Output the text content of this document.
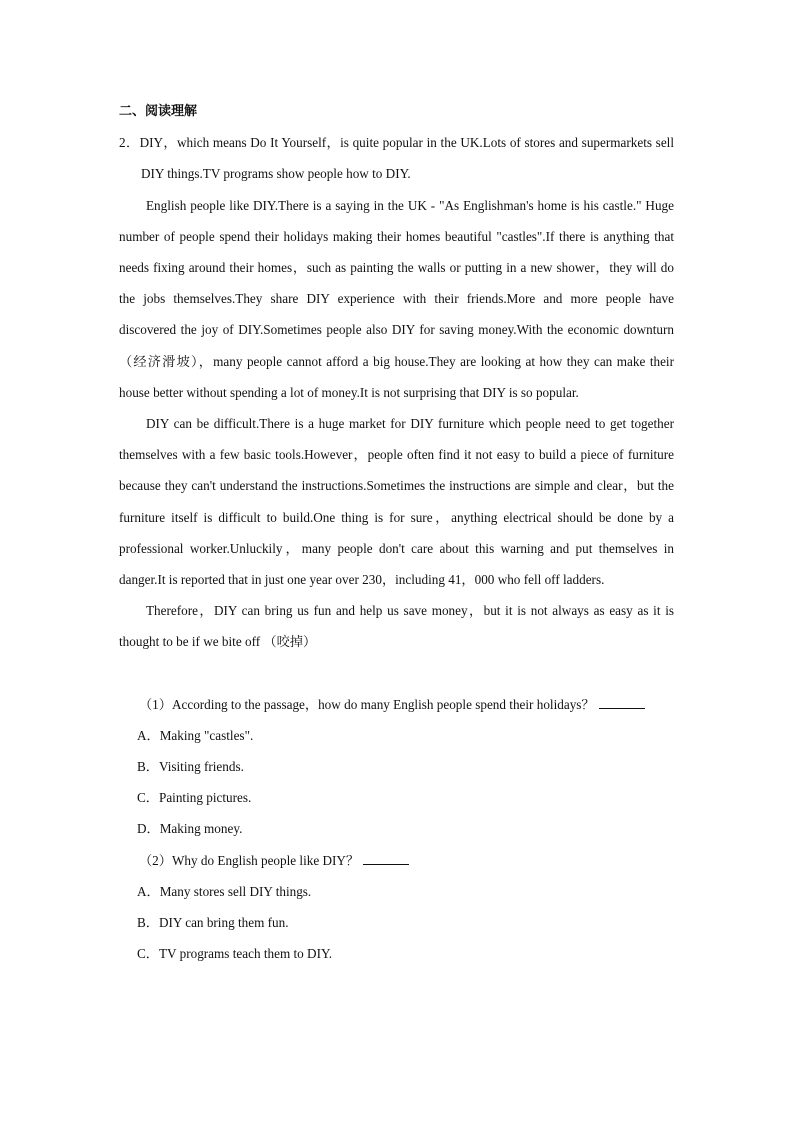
二、阅读理解

2．DIY，which means Do It Yourself，is quite popular in the UK.Lots of stores and supermarkets sell DIY things.TV programs show people how to DIY.

English people like DIY.There is a saying in the UK - "As Englishman's home is his castle." Huge number of people spend their holidays making their homes beautiful "castles".If there is anything that needs fixing around their homes，such as painting the walls or putting in a new shower，they will do the jobs themselves.They share DIY experience with their friends.More and more people have discovered the joy of DIY.Sometimes people also DIY for saving money.With the economic downturn （经济滑坡），many people cannot afford a big house.They are looking at how they can make their house better without spending a lot of money.It is not surprising that DIY is so popular.

DIY can be difficult.There is a huge market for DIY furniture which people need to get together themselves with a few basic tools.However，people often find it not easy to build a piece of furniture because they can't understand the instructions.Sometimes the instructions are simple and clear，but the furniture itself is difficult to build.One thing is for sure，anything electrical should be done by a professional worker.Unluckily，many people don't care about this warning and put themselves in danger.It is reported that in just one year over 230，including 41，000 who fell off ladders.

Therefore，DIY can bring us fun and help us save money，but it is not always as easy as it is thought to be if we bite off （咬掉）

（1）According to the passage，how do many English people spend their holidays？

A．Making "castles".

B．Visiting friends.

C．Painting pictures.

D．Making money.

（2）Why do English people like DIY？

A．Many stores sell DIY things.

B．DIY can bring them fun.

C．TV programs teach them to DIY.
